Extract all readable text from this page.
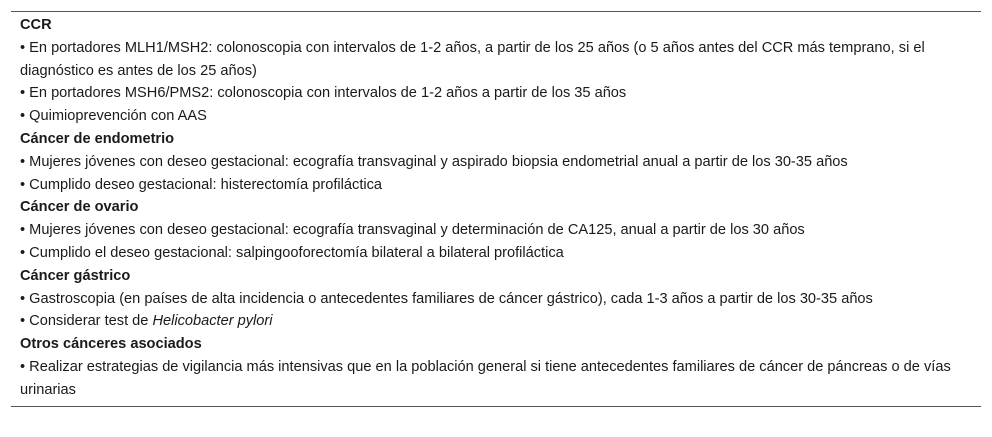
CCR
• En portadores MLH1/MSH2: colonoscopia con intervalos de 1-2 años, a partir de los 25 años (o 5 años antes del CCR más temprano, si el diagnóstico es antes de los 25 años)
• En portadores MSH6/PMS2: colonoscopia con intervalos de 1-2 años a partir de los 35 años
• Quimioprevención con AAS
Cáncer de endometrio
• Mujeres jóvenes con deseo gestacional: ecografía transvaginal y aspirado biopsia endometrial anual a partir de los 30-35 años
• Cumplido deseo gestacional: histerectomía profiláctica
Cáncer de ovario
• Mujeres jóvenes con deseo gestacional: ecografía transvaginal y determinación de CA125, anual a partir de los 30 años
• Cumplido el deseo gestacional: salpingooforectomía bilateral a bilateral profiláctica
Cáncer gástrico
• Gastroscopia (en países de alta incidencia o antecedentes familiares de cáncer gástrico), cada 1-3 años a partir de los 30-35 años
• Considerar test de Helicobacter pylori
Otros cánceres asociados
• Realizar estrategias de vigilancia más intensivas que en la población general si tiene antecedentes familiares de cáncer de páncreas o de vías urinarias
